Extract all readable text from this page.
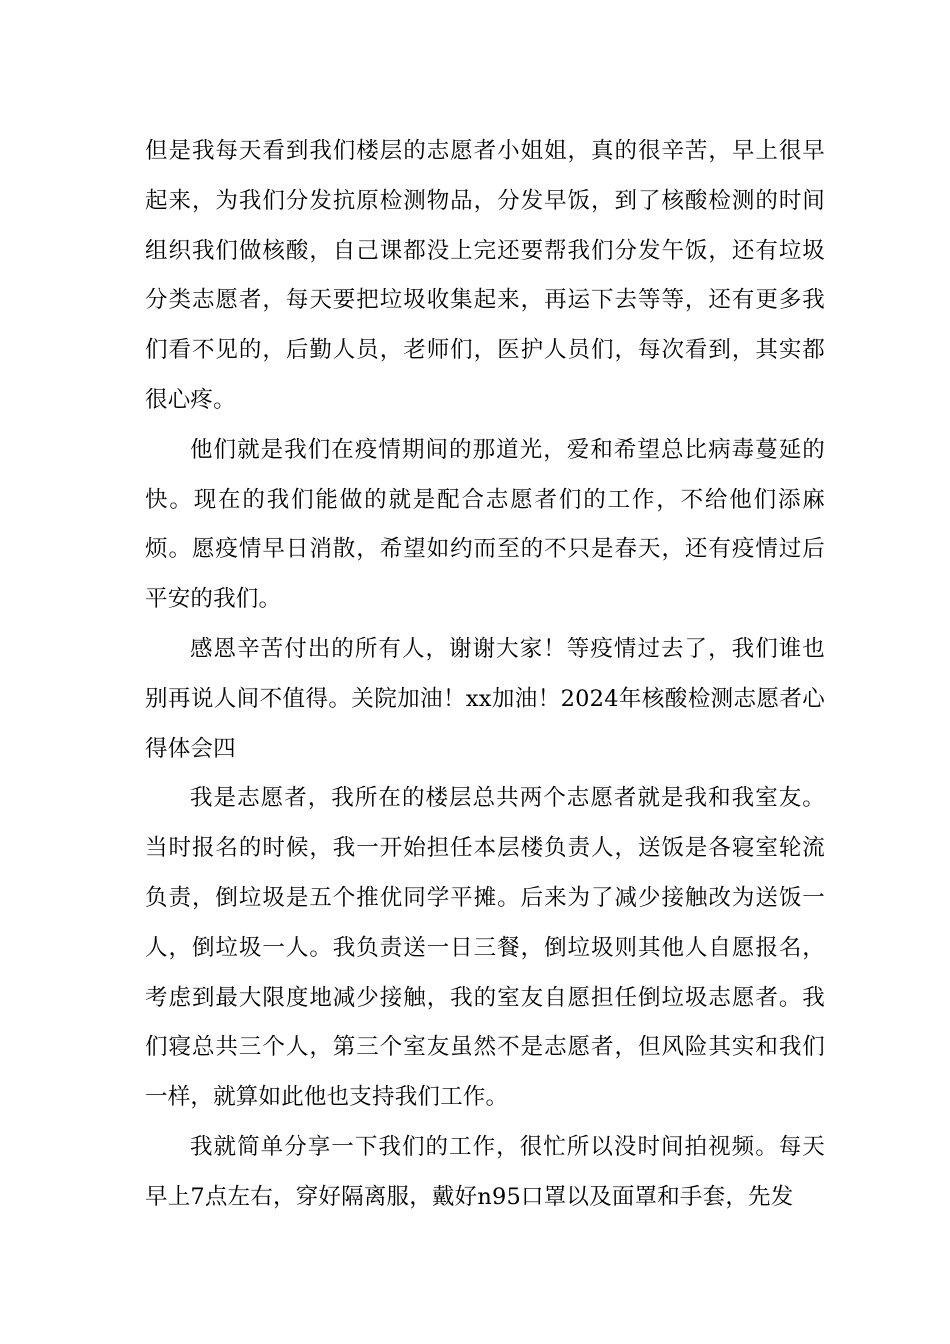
但是我每天看到我们楼层的志愿者小姐姐，真的很辛苦，早上很早起来，为我们分发抗原检测物品，分发早饭，到了核酸检测的时间组织我们做核酸，自己课都没上完还要帮我们分发午饭，还有垃圾分类志愿者，每天要把垃圾收集起来，再运下去等等，还有更多我们看不见的，后勤人员，老师们，医护人员们，每次看到，其实都很心疼。

他们就是我们在疫情期间的那道光，爱和希望总比病毒蔓延的快。现在的我们能做的就是配合志愿者们的工作，不给他们添麻烦。愿疫情早日消散，希望如约而至的不只是春天，还有疫情过后平安的我们。

感恩辛苦付出的所有人，谢谢大家！等疫情过去了，我们谁也别再说人间不值得。关院加油！xx加油！2024年核酸检测志愿者心得体会四

我是志愿者，我所在的楼层总共两个志愿者就是我和我室友。当时报名的时候，我一开始担任本层楼负责人，送饭是各寝室轮流负责，倒垃圾是五个推优同学平摊。后来为了减少接触改为送饭一人，倒垃圾一人。我负责送一日三餐，倒垃圾则其他人自愿报名，考虑到最大限度地减少接触，我的室友自愿担任倒垃圾志愿者。我们寝总共三个人，第三个室友虽然不是志愿者，但风险其实和我们一样，就算如此他也支持我们工作。

我就简单分享一下我们的工作，很忙所以没时间拍视频。每天早上7点左右，穿好隔离服，戴好n95口罩以及面罩和手套，先发
